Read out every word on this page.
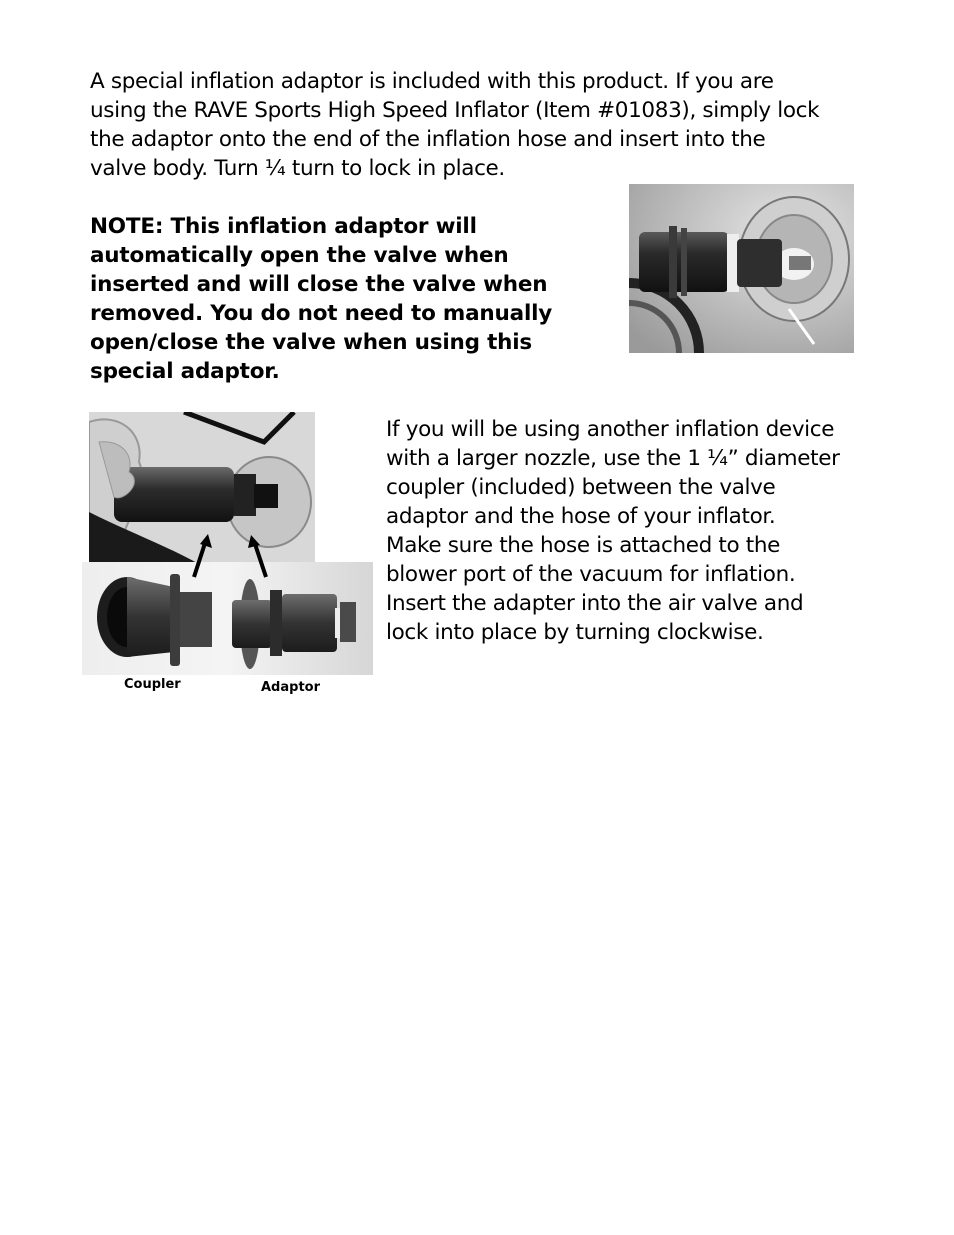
A special inflation adaptor is included with this product. If you are
using the RAVE Sports High Speed Inflator (Item #01083), simply lock
the adaptor onto the end of the inflation hose and insert into the
valve body. Turn ¼ turn to lock in place.
NOTE: This inflation adaptor will
automatically open the valve when
inserted and will close the valve when
removed. You do not need to manually
open/close the valve when using this
special adaptor.
Coupler	Adaptor
If you will be using another inflation device
with a larger nozzle, use the 1 ¼” diameter
coupler (included) between the valve
adaptor and the hose of your inflator.
Make sure the hose is attached to the
blower port of the vacuum for inflation.
Insert the adapter into the air valve and
lock into place by turning clockwise.
